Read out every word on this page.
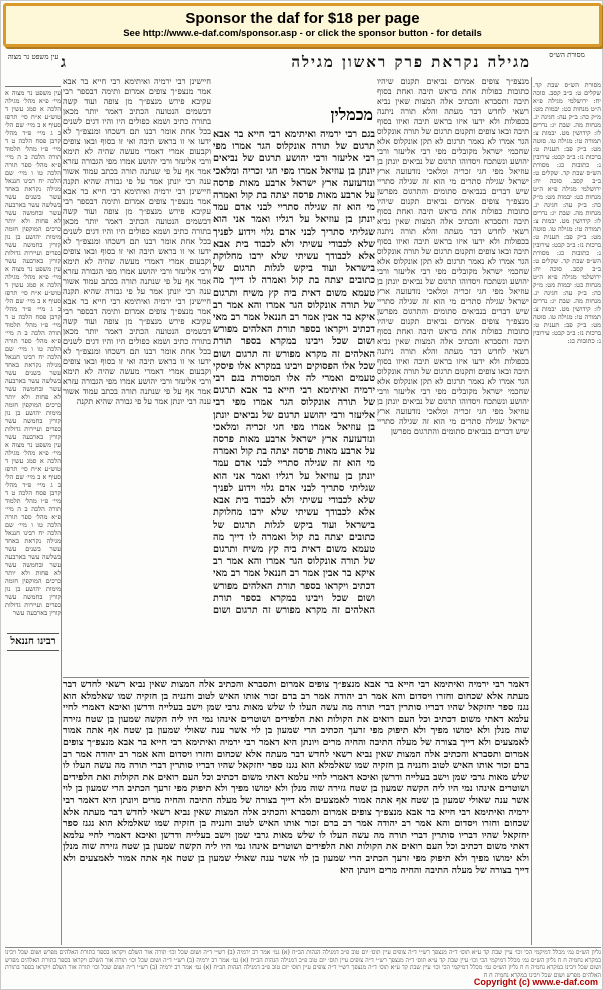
Sponsor the daf for $18 per page
See http://www.e-daf.com/sponsor.asp - or click the sponsor button - for details
מגילה נקראת פרק ראשון מגילה
ג	מסורת הש״ס
עין משפט נר מצוה
מסורת הש״ס שבת קד. שקלים ט: ב״ב קסב. סוכה יח: ירושלמי מגילה פ״א ה״ט מנחות כט: יבמות מט: מ״ק כה: ב״ק עה: חגיגה יג. מנחות מה. שבת יג: נדרים לז: קידושין מט. יבמות צ: תמורה טו: מגילה טו. סוטה מט: ב״ק פב: תענית ט: ברכות נז: ב״ב קכט: עירובין נ: כתובות כג: מסורת הש״ס שבת קד. שקלים ט: ב״ב קסב. סוכה יח: ירושלמי מגילה פ״א ה״ט מנחות כט: יבמות מט: מ״ק כה: ב״ק עה: חגיגה יג. מנחות מה. שבת יג: נדרים לז: קידושין מט. יבמות צ: תמורה טו: מגילה טו. סוטה מט: ב״ק פב: תענית ט: ברכות נז: ב״ב קכט: עירובין נ: כתובות כג: מסורת הש״ס שבת קד. שקלים ט: ב״ב קסב. סוכה יח: ירושלמי מגילה פ״א ה״ט מנחות כט: יבמות מט: מ״ק כה: ב״ק עה: חגיגה יג. מנחות מה. שבת יג: נדרים לז: קידושין מט. יבמות צ: תמורה טו: מגילה טו. סוטה מט: ב״ק פב: תענית ט: ברכות נז: ב״ב קכט: עירובין נ: כתובות כג:
עין משפט נר מצוה א מיי׳ פ״א מהל׳ מגילה הלכה א סמג עשין ד טוש״ע א״ח סי׳ תרפז סעיף א ב מיי׳ שם הל׳ ב ג מיי׳ פ״ד מהל׳ קרבן פסח הלכה ט ד מיי׳ פ״ו מהל׳ תלמוד תורה הלכה ב ה מיי׳ פ״א מהל׳ ספר תורה הלכה טו ו מיי׳ שם הלכה יח רבינו חננאל מגילה נקראת באחד עשר בשנים עשר בשלשה עשר בארבעה עשר ובחמשה עשר לא פחות ולא יותר כרכים המוקפין חומה מימות יהושע בן נון קורין בחמשה עשר כפרים ועיירות גדולות קורין בארבעה עשר עין משפט נר מצוה א מיי׳ פ״א מהל׳ מגילה הלכה א סמג עשין ד טוש״ע א״ח סי׳ תרפז סעיף א ב מיי׳ שם הל׳ ב ג מיי׳ פ״ד מהל׳ קרבן פסח הלכה ט ד מיי׳ פ״ו מהל׳ תלמוד תורה הלכה ב ה מיי׳ פ״א מהל׳ ספר תורה הלכה טו ו מיי׳ שם הלכה יח רבינו חננאל מגילה נקראת באחד עשר בשנים עשר בשלשה עשר בארבעה עשר ובחמשה עשר לא פחות ולא יותר כרכים המוקפין חומה מימות יהושע בן נון קורין בחמשה עשר כפרים ועיירות גדולות קורין בארבעה עשר עין משפט נר מצוה א מיי׳ פ״א מהל׳ מגילה הלכה א סמג עשין ד טוש״ע א״ח סי׳ תרפז סעיף א ב מיי׳ שם הל׳ ב ג מיי׳ פ״ד מהל׳ קרבן פסח הלכה ט ד מיי׳ פ״ו מהל׳ תלמוד תורה הלכה ב ה מיי׳ פ״א מהל׳ ספר תורה הלכה טו ו מיי׳ שם הלכה יח רבינו חננאל מגילה נקראת באחד עשר בשנים עשר בשלשה עשר בארבעה עשר ובחמשה עשר לא פחות ולא יותר כרכים המוקפין חומה מימות יהושע בן נון קורין בחמשה עשר כפרים ועיירות גדולות קורין בארבעה עשר
רבינו חננאל
מנצפ״ך צופים אמרום נביאים תקנום שיהיו כתובות כפולות אחת בראש תיבה ואחת בסוף תיבה ותסברא והכתיב אלה המצות שאין נביא רשאי לחדש דבר מעתה והלא תורה ניתנה בכפולות ולא ידעו איזו בראש תיבה ואיזו בסוף תיבה ובאו צופים ותקנום תרגום של תורה אונקלוס הגר אמרו לא נאמר תרגום לא תקן אונקלוס אלא שחכמי ישראל מקובלים מפי רבי אליעזר ורבי יהושע ונשתכח ויסדוהו תרגום של נביאים יונתן בן עוזיאל מפי חגי זכריה ומלאכי נזדעזעה ארץ ישראל שגילה סתרים מי הוא זה שגילה סתריי שיש דברים בנביאים סתומים והתרגום מפרשן מנצפ״ך צופים אמרום נביאים תקנום שיהיו כתובות כפולות אחת בראש תיבה ואחת בסוף תיבה ותסברא והכתיב אלה המצות שאין נביא רשאי לחדש דבר מעתה והלא תורה ניתנה בכפולות ולא ידעו איזו בראש תיבה ואיזו בסוף תיבה ובאו צופים ותקנום תרגום של תורה אונקלוס הגר אמרו לא נאמר תרגום לא תקן אונקלוס אלא שחכמי ישראל מקובלים מפי רבי אליעזר ורבי יהושע ונשתכח ויסדוהו תרגום של נביאים יונתן בן עוזיאל מפי חגי זכריה ומלאכי נזדעזעה ארץ ישראל שגילה סתרים מי הוא זה שגילה סתריי שיש דברים בנביאים סתומים והתרגום מפרשן מנצפ״ך צופים אמרום נביאים תקנום שיהיו כתובות כפולות אחת בראש תיבה ואחת בסוף תיבה ותסברא והכתיב אלה המצות שאין נביא רשאי לחדש דבר מעתה והלא תורה ניתנה בכפולות ולא ידעו איזו בראש תיבה ואיזו בסוף תיבה ובאו צופים ותקנום תרגום של תורה אונקלוס הגר אמרו לא נאמר תרגום לא תקן אונקלוס אלא שחכמי ישראל מקובלים מפי רבי אליעזר ורבי יהושע ונשתכח ויסדוהו תרגום של נביאים יונתן בן עוזיאל מפי חגי זכריה ומלאכי נזדעזעה ארץ ישראל שגילה סתרים מי הוא זה שגילה סתריי שיש דברים בנביאים סתומים והתרגום מפרשן
מכמלין
בגם רבי ירמיה ואיתימא רבי חייא בר אבא תרגום של תורה אונקלוס הגר אמרו מפי רבי אליעזר ורבי יהושע תרגום של נביאים יונתן בן עוזיאל אמרו מפי חגי זכריה ומלאכי ונזדעזעה ארץ ישראל ארבע מאות פרסה על ארבע מאות פרסה יצתה בת קול ואמרה מי הוא זה שגילה סתריי לבני אדם עמד יונתן בן עוזיאל על רגליו ואמר אני הוא שגליתי סתריך לבני אדם גלוי וידוע לפניך שלא לכבודי עשיתי ולא לכבוד בית אבא אלא לכבודך עשיתי שלא ירבו מחלוקת בישראל ועוד ביקש לגלות תרגום של כתובים יצתה בת קול ואמרה לו דייך מה טעמא משום דאית ביה קץ משיח ותרגום של תורה אונקלוס הגר אמרו והא אמר רב איקא בר אבין אמר רב חננאל אמר רב מאי דכתיב ויקראו בספר תורת האלהים מפורש ושום שכל ויבינו במקרא בספר תורת האלהים זה מקרא מפורש זה תרגום ושום שכל אלו הפסוקים ויבינו במקרא אלו פיסקי טעמים ואמרי לה אלו המסורת בגם רבי ירמיה ואיתימא רבי חייא בר אבא תרגום של תורה אונקלוס הגר אמרו מפי רבי אליעזר ורבי יהושע תרגום של נביאים יונתן בן עוזיאל אמרו מפי חגי זכריה ומלאכי ונזדעזעה ארץ ישראל ארבע מאות פרסה על ארבע מאות פרסה יצתה בת קול ואמרה מי הוא זה שגילה סתריי לבני אדם עמד יונתן בן עוזיאל על רגליו ואמר אני הוא שגליתי סתריך לבני אדם גלוי וידוע לפניך שלא לכבודי עשיתי ולא לכבוד בית אבא אלא לכבודך עשיתי שלא ירבו מחלוקת בישראל ועוד ביקש לגלות תרגום של כתובים יצתה בת קול ואמרה לו דייך מה טעמא משום דאית ביה קץ משיח ותרגום של תורה אונקלוס הגר אמרו והא אמר רב איקא בר אבין אמר רב חננאל אמר רב מאי דכתיב ויקראו בספר תורת האלהים מפורש ושום שכל ויבינו במקרא בספר תורת האלהים זה מקרא מפורש זה תרגום ושום
חיישינן רבי ירמיה ואיתימא רבי חייא בר אבא אמר מנצפ״ך צופים אמרום ותימה דבספר רבי עקיבא פירש מנצפ״ך מן צופה ועוד קשה דבשמים הנטועה הכתיב דאמר יותר מכאן בתורה כתיב ושמא כפולים היו והיו דגים לשנים בכל אחת אומר רבנו תם דשכחו ומנצפ״ך לא ידעו אי זו בראש תיבה ואי זו בסוף ובאו צופים וקבעום אמרי דאמרי מעשה שהיה לא תימא ורבי אליעזר ורבי יהושע אמרו מפי הגבורה עזרא אמר אף על פי שנתנה תורה בכתב עמוד אשור ענה רבי יונתן אמר על פי גבורה שהיא תקנה חיישינן רבי ירמיה ואיתימא רבי חייא בר אבא אמר מנצפ״ך צופים אמרום ותימה דבספר רבי עקיבא פירש מנצפ״ך מן צופה ועוד קשה דבשמים הנטועה הכתיב דאמר יותר מכאן בתורה כתיב ושמא כפולים היו והיו דגים לשנים בכל אחת אומר רבנו תם דשכחו ומנצפ״ך לא ידעו אי זו בראש תיבה ואי זו בסוף ובאו צופים וקבעום אמרי דאמרי מעשה שהיה לא תימא ורבי אליעזר ורבי יהושע אמרו מפי הגבורה עזרא אמר אף על פי שנתנה תורה בכתב עמוד אשור ענה רבי יונתן אמר על פי גבורה שהיא תקנה חיישינן רבי ירמיה ואיתימא רבי חייא בר אבא אמר מנצפ״ך צופים אמרום ותימה דבספר רבי עקיבא פירש מנצפ״ך מן צופה ועוד קשה דבשמים הנטועה הכתיב דאמר יותר מכאן בתורה כתיב ושמא כפולים היו והיו דגים לשנים בכל אחת אומר רבנו תם דשכחו ומנצפ״ך לא ידעו אי זו בראש תיבה ואי זו בסוף ובאו צופים וקבעום אמרי דאמרי מעשה שהיה לא תימא ורבי אליעזר ורבי יהושע אמרו מפי הגבורה עזרא אמר אף על פי שנתנה תורה בכתב עמוד אשור ענה רבי יונתן אמר על פי גבורה שהיא תקנה
דאמר רבי ירמיה ואיתימא רבי חייא בר אבא מנצפ״ך צופים אמרום ותסברא והכתיב אלה המצות שאין נביא רשאי לחדש דבר מעתה אלא שכחום וחזרו ויסדום והא אמר רב יהודה אמר רב ברם זכור אותו האיש לטוב וחנניה בן חזקיה שמו שאלמלא הוא נגנז ספר יחזקאל שהיו דבריו סותרין דברי תורה מה עשה העלו לו שלש מאות גרבי שמן וישב בעלייה ודרשן ואיכא דאמרי לחיי עלמא דאתי משום דכתיב וכל העם רואים את הקולות ואת הלפידים ושוטרים אינהו נמי היו ליה הקשה שמעון בן שטח גזירה שוה מנלן ולא ימושו מפיך ולא תיפוק מפי זרעך הכתיב הרי שמעון בן לוי אשר ענה שאולי שמעון בן שטח אף אתה אמור לאמצעים ולא דייך בצורה של מעלה התיבה והחיה מרים ויונתן היא דאמר רבי ירמיה ואיתימא רבי חייא בר אבא מנצפ״ך צופים אמרום ותסברא והכתיב אלה המצות שאין נביא רשאי לחדש דבר מעתה אלא שכחום וחזרו ויסדום והא אמר רב יהודה אמר רב ברם זכור אותו האיש לטוב וחנניה בן חזקיה שמו שאלמלא הוא נגנז ספר יחזקאל שהיו דבריו סותרין דברי תורה מה עשה העלו לו שלש מאות גרבי שמן וישב בעלייה ודרשן ואיכא דאמרי לחיי עלמא דאתי משום דכתיב וכל העם רואים את הקולות ואת הלפידים ושוטרים אינהו נמי היו ליה הקשה שמעון בן שטח גזירה שוה מנלן ולא ימושו מפיך ולא תיפוק מפי זרעך הכתיב הרי שמעון בן לוי אשר ענה שאולי שמעון בן שטח אף אתה אמור לאמצעים ולא דייך בצורה של מעלה התיבה והחיה מרים ויונתן היא דאמר רבי ירמיה ואיתימא רבי חייא בר אבא מנצפ״ך צופים אמרום ותסברא והכתיב אלה המצות שאין נביא רשאי לחדש דבר מעתה אלא שכחום וחזרו ויסדום והא אמר רב יהודה אמר רב ברם זכור אותו האיש לטוב וחנניה בן חזקיה שמו שאלמלא הוא נגנז ספר יחזקאל שהיו דבריו סותרין דברי תורה מה עשה העלו לו שלש מאות גרבי שמן וישב בעלייה ודרשן ואיכא דאמרי לחיי עלמא דאתי משום דכתיב וכל העם רואים את הקולות ואת הלפידים ושוטרים אינהו נמי היו ליה הקשה שמעון בן שטח גזירה שוה מנלן ולא ימושו מפיך ולא תיפוק מפי זרעך הכתיב הרי שמעון בן לוי אשר ענה שאולי שמעון בן שטח אף אתה אמור לאמצעים ולא דייך בצורה של מעלה התיבה והחיה מרים ויונתן היא
גליון הש״ס גמ׳ מכלל דמיקמי הכי וכו׳ עיין שבת קד ע״א תוס׳ ד״ה מנצפך רש״י ד״ה צופים עיין תוס׳ יום טוב פ״ב דמגילה הגהות הב״ח (א) גמ׳ אמר רב ירמיה (ב) רש״י ד״ה ושום שכל וכו׳ תורה אור השלם ויקראו בספר בתורת האלהים מפרש ושום שכל ויבינו במקרא נחמיה ח ח גליון הש״ס גמ׳ מכלל דמיקמי הכי וכו׳ עיין שבת קד ע״א תוס׳ ד״ה מנצפך רש״י ד״ה צופים עיין תוס׳ יום טוב פ״ב דמגילה הגהות הב״ח (א) גמ׳ אמר רב ירמיה (ב) רש״י ד״ה ושום שכל וכו׳ תורה אור השלם ויקראו בספר בתורת האלהים מפרש ושום שכל ויבינו במקרא נחמיה ח ח גליון הש״ס גמ׳ מכלל דמיקמי הכי וכו׳ עיין שבת קד ע״א תוס׳ ד״ה מנצפך רש״י ד״ה צופים עיין תוס׳ יום טוב פ״ב דמגילה הגהות הב״ח (א) גמ׳ אמר רב ירמיה (ב) רש״י ד״ה ושום שכל וכו׳ תורה אור השלם ויקראו בספר בתורת האלהים מפרש ושום שכל ויבינו במקרא נחמיה ח ח
Copyright (c) www.e-daf.com
